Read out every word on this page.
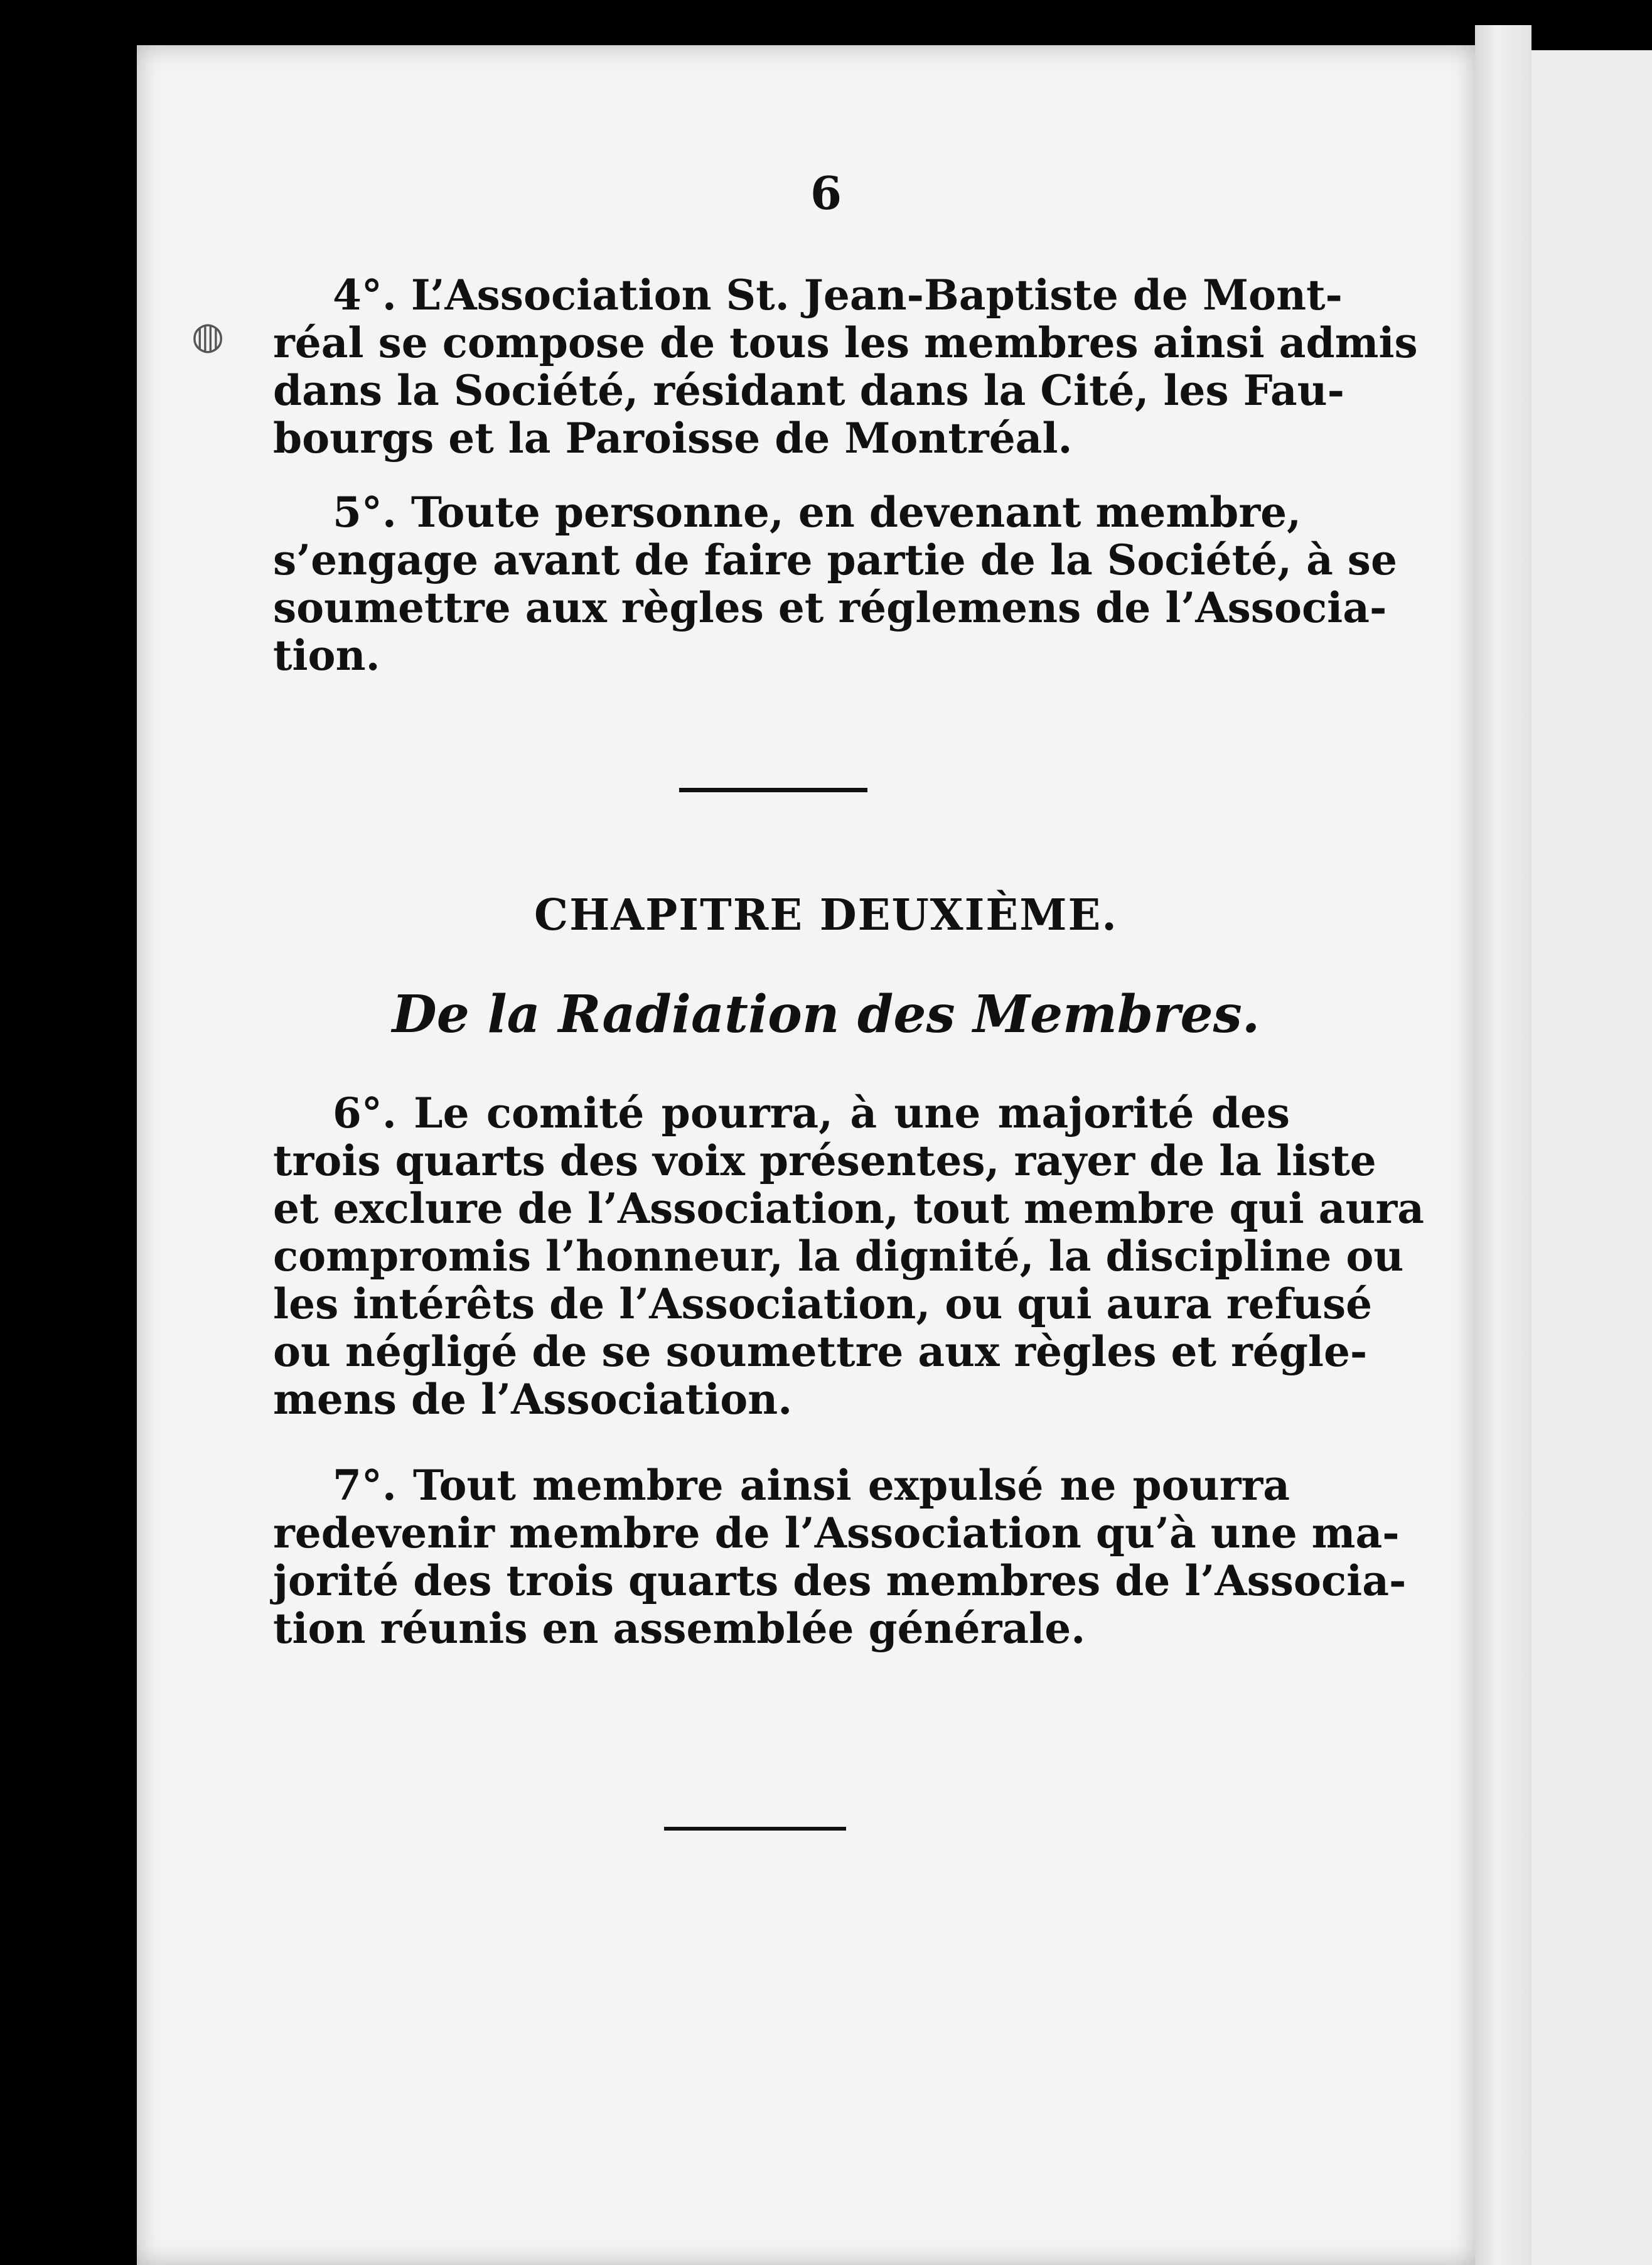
6
4°. L’Association St. Jean-Baptiste de Mont-
réal se compose de tous les membres ainsi admis
dans la Société, résidant dans la Cité, les Fau-
bourgs et la Paroisse de Montréal.
5°. Toute personne, en devenant membre,
s’engage avant de faire partie de la Société, à se
soumettre aux règles et réglemens de l’Associa-
tion.
CHAPITRE DEUXIÈME.
De la Radiation des Membres.
6°. Le comité pourra, à une majorité des
trois quarts des voix présentes, rayer de la liste
et exclure de l’Association, tout membre qui aura
compromis l’honneur, la dignité, la discipline ou
les intérêts de l’Association, ou qui aura refusé
ou négligé de se soumettre aux règles et régle-
mens de l’Association.
7°. Tout membre ainsi expulsé ne pourra
redevenir membre de l’Association qu’à une ma-
jorité des trois quarts des membres de l’Associa-
tion réunis en assemblée générale.
◍
